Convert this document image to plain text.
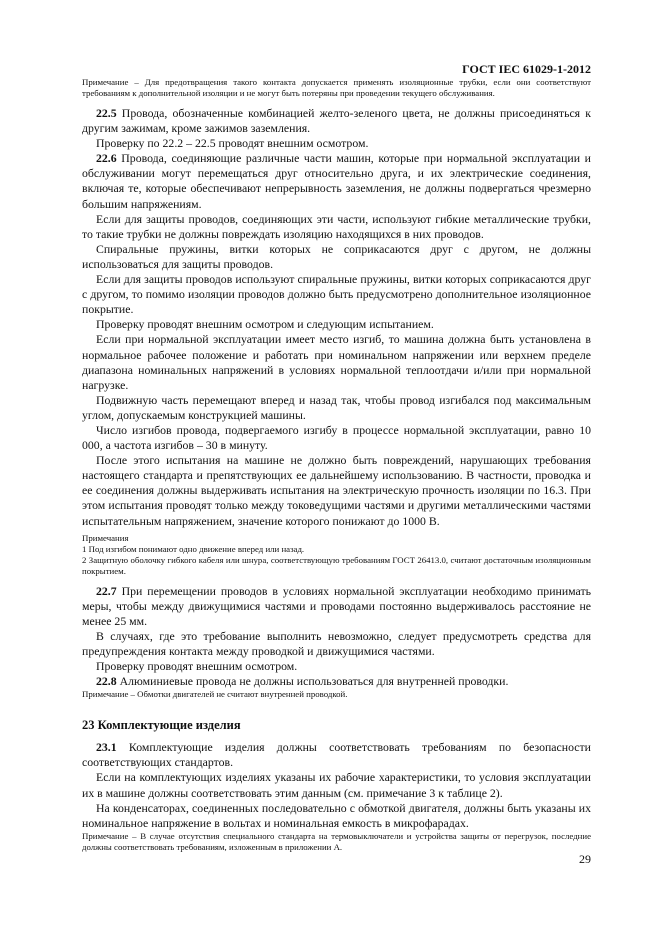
ГОСТ IEC 61029-1-2012

Примечание – Для предотвращения такого контакта допускается применять изоляционные трубки, если они соответствуют требованиям к дополнительной изоляции и не могут быть потеряны при проведении текущего обслуживания.

22.5 Провода, обозначенные комбинацией желто-зеленого цвета, не должны присоединяться к другим зажимам, кроме зажимов заземления.

Проверку по 22.2 – 22.5 проводят внешним осмотром.

22.6 Провода, соединяющие различные части машин, которые при нормальной эксплуатации и обслуживании могут перемещаться друг относительно друга, и их электрические соединения, включая те, которые обеспечивают непрерывность заземления, не должны подвергаться чрезмерно большим напряжениям.

Если для защиты проводов, соединяющих эти части, используют гибкие металлические трубки, то такие трубки не должны повреждать изоляцию находящихся в них проводов.

Спиральные пружины, витки которых не соприкасаются друг с другом, не должны использоваться для защиты проводов.

Если для защиты проводов используют спиральные пружины, витки которых соприкасаются друг с другом, то помимо изоляции проводов должно быть предусмотрено дополнительное изоляционное покрытие.

Проверку проводят внешним осмотром и следующим испытанием.

Если при нормальной эксплуатации имеет место изгиб, то машина должна быть установлена в нормальное рабочее положение и работать при номинальном напряжении или верхнем пределе диапазона номинальных напряжений в условиях нормальной теплоотдачи и/или при нормальной нагрузке.

Подвижную часть перемещают вперед и назад так, чтобы провод изгибался под максимальным углом, допускаемым конструкцией машины.

Число изгибов провода, подвергаемого изгибу в процессе нормальной эксплуатации, равно 10 000, а частота изгибов – 30 в минуту.

После этого испытания на машине не должно быть повреждений, нарушающих требования настоящего стандарта и препятствующих ее дальнейшему использованию. В частности, проводка и ее соединения должны выдерживать испытания на электрическую прочность изоляции по 16.3. При этом испытания проводят только между токоведущими частями и другими металлическими частями испытательным напряжением, значение которого понижают до 1000 В.

Примечания

1 Под изгибом понимают одно движение вперед или назад.

2 Защитную оболочку гибкого кабеля или шнура, соответствующую требованиям ГОСТ 26413.0, считают достаточным изоляционным покрытием.

22.7 При перемещении проводов в условиях нормальной эксплуатации необходимо принимать меры, чтобы между движущимися частями и проводами постоянно выдерживалось расстояние не менее 25 мм.

В случаях, где это требование выполнить невозможно, следует предусмотреть средства для предупреждения контакта между проводкой и движущимися частями.

Проверку проводят внешним осмотром.

22.8 Алюминиевые провода не должны использоваться для внутренней проводки.

Примечание – Обмотки двигателей не считают внутренней проводкой.

23 Комплектующие изделия

23.1 Комплектующие изделия должны соответствовать требованиям по безопасности соответствующих стандартов.

Если на комплектующих изделиях указаны их рабочие характеристики, то условия эксплуатации их в машине должны соответствовать этим данным (см. примечание 3 к таблице 2).

На конденсаторах, соединенных последовательно с обмоткой двигателя, должны быть указаны их номинальное напряжение в вольтах и номинальная емкость в микрофарадах.

Примечание – В случае отсутствия специального стандарта на термовыключатели и устройства защиты от перегрузок, последние должны соответствовать требованиям, изложенным в приложении А.

29
